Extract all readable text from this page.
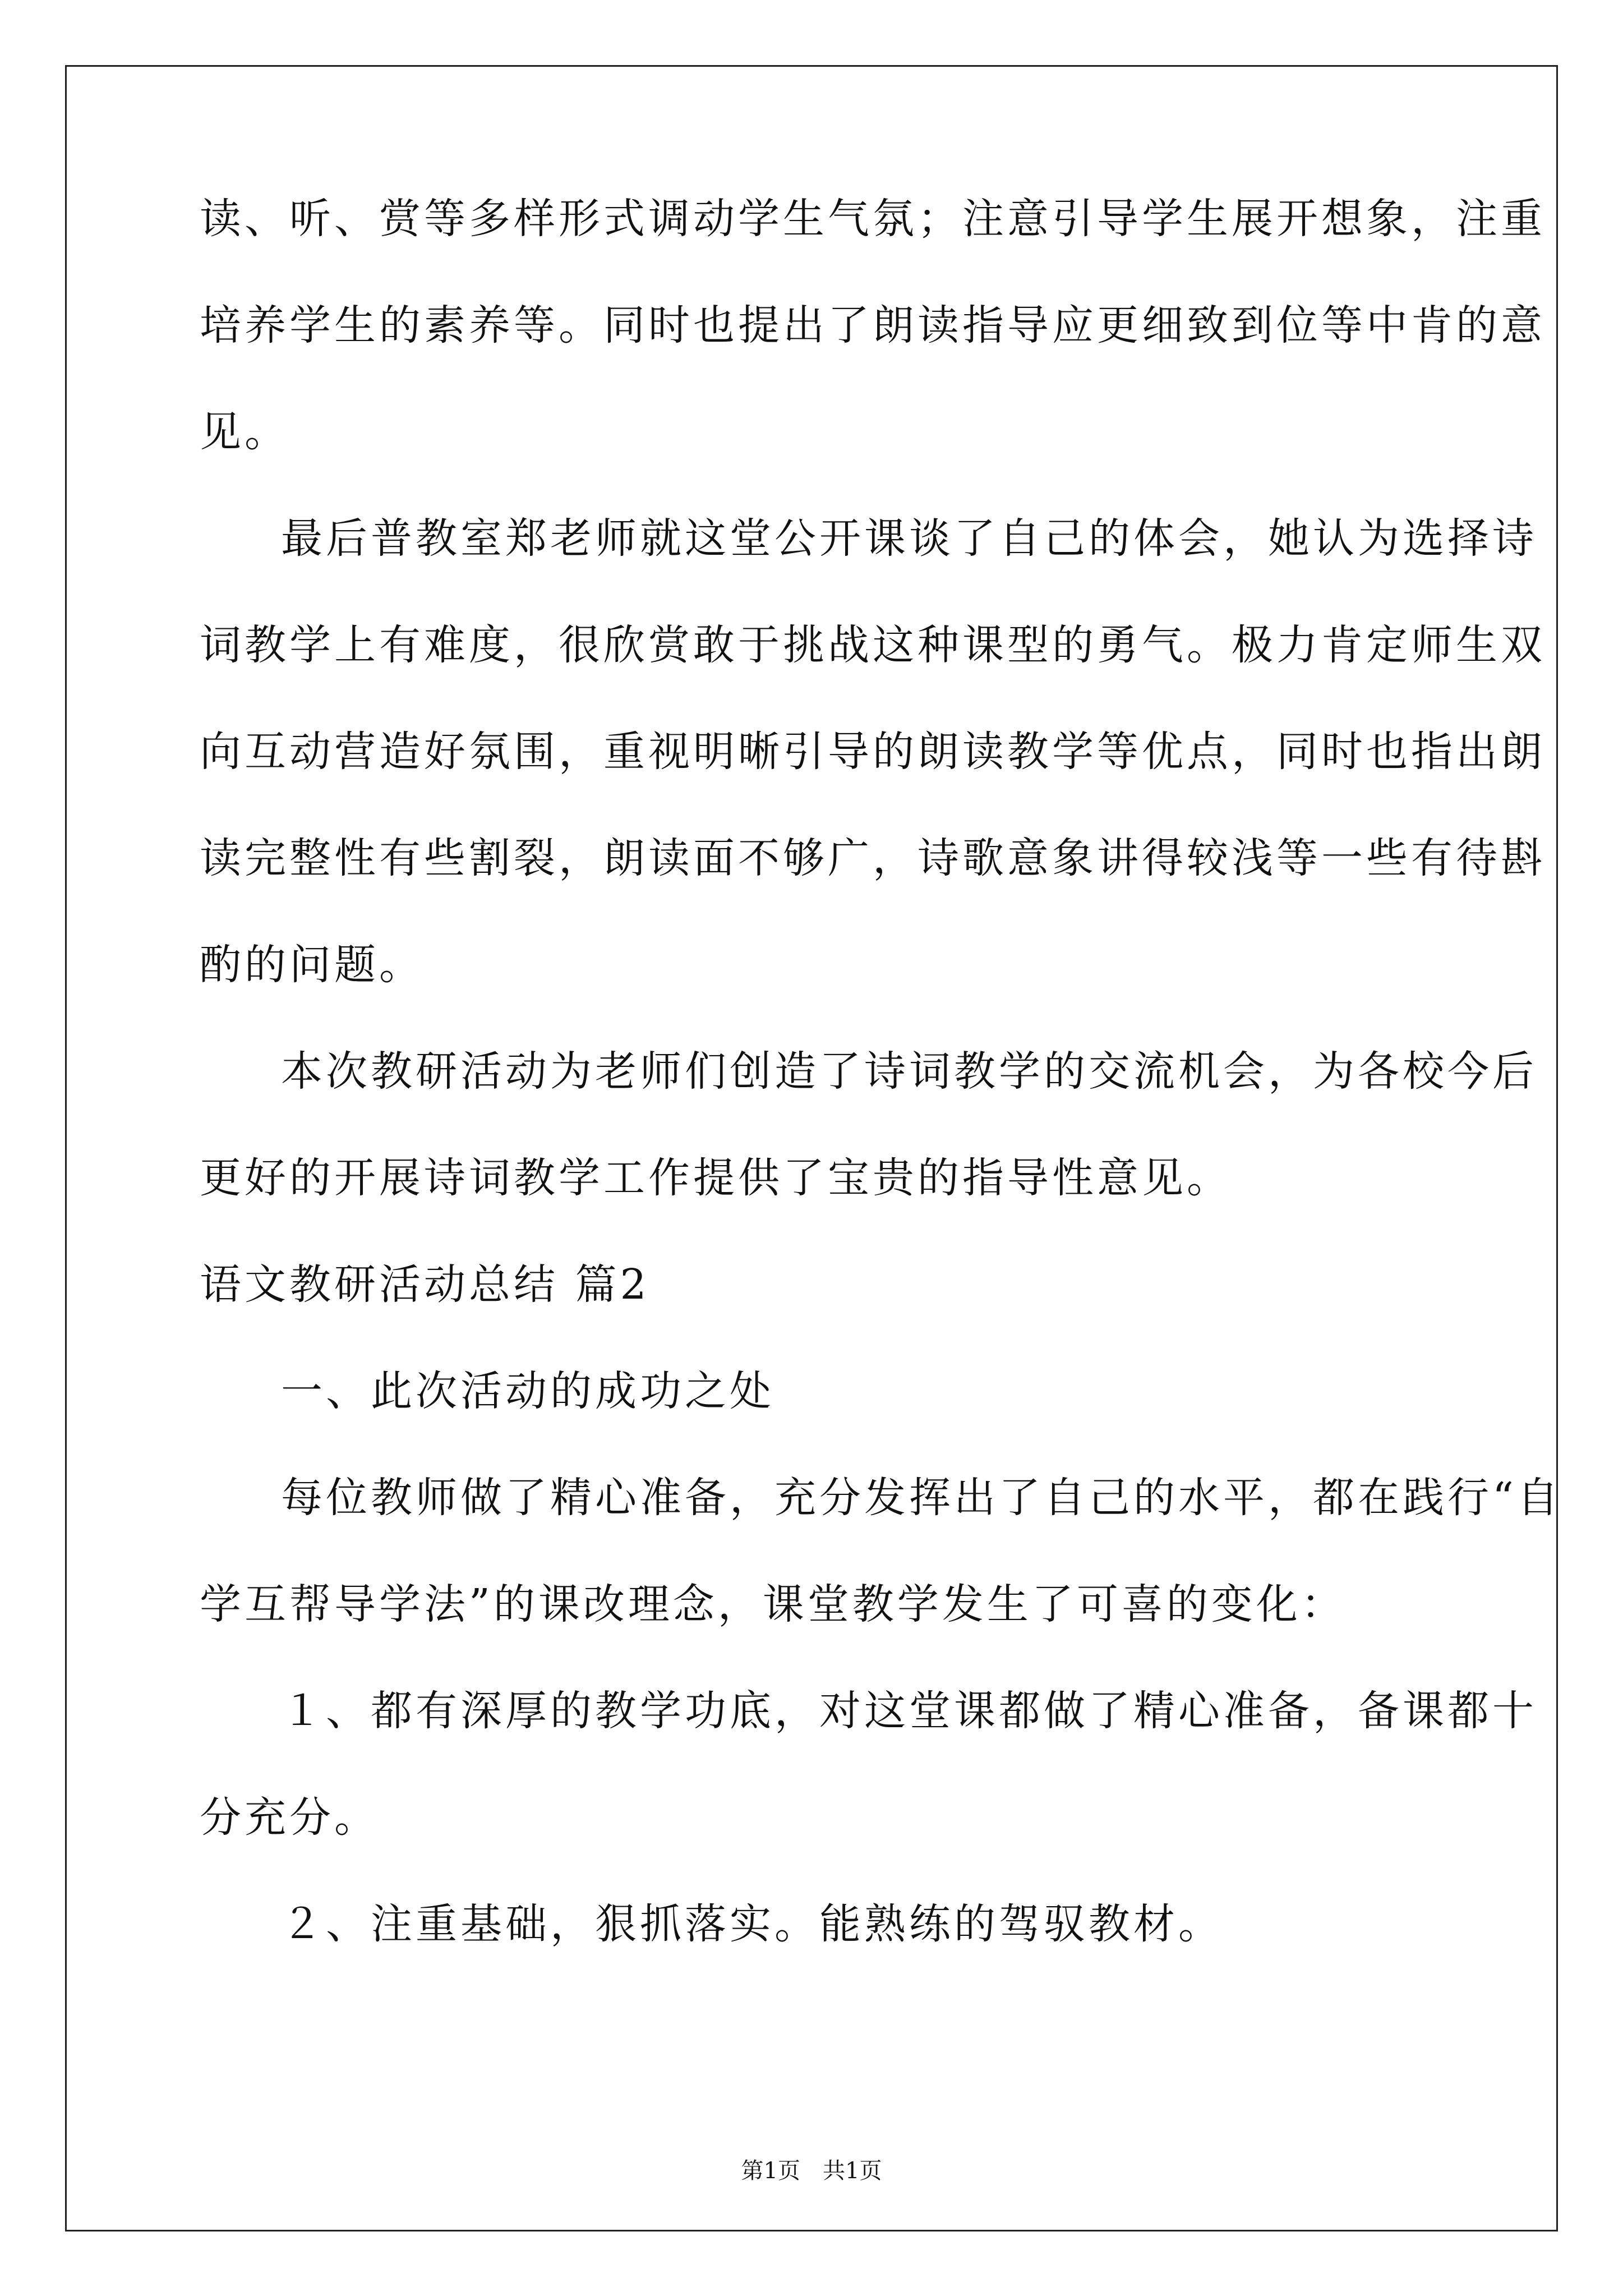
读、听、赏等多样形式调动学生气氛；注意引导学生展开想象，注重
培养学生的素养等。同时也提出了朗读指导应更细致到位等中肯的意
见。
最后普教室郑老师就这堂公开课谈了自己的体会，她认为选择诗
词教学上有难度，很欣赏敢于挑战这种课型的勇气。极力肯定师生双
向互动营造好氛围，重视明晰引导的朗读教学等优点，同时也指出朗
读完整性有些割裂，朗读面不够广，诗歌意象讲得较浅等一些有待斟
酌的问题。
本次教研活动为老师们创造了诗词教学的交流机会，为各校今后
更好的开展诗词教学工作提供了宝贵的指导性意见。
语文教研活动总结 篇2
一、此次活动的成功之处
每位教师做了精心准备，充分发挥出了自己的水平，都在践行“自
学互帮导学法”的课改理念，课堂教学发生了可喜的变化：
１、都有深厚的教学功底，对这堂课都做了精心准备，备课都十
分充分。
２、注重基础，狠抓落实。能熟练的驾驭教材。
第1页　共1页
